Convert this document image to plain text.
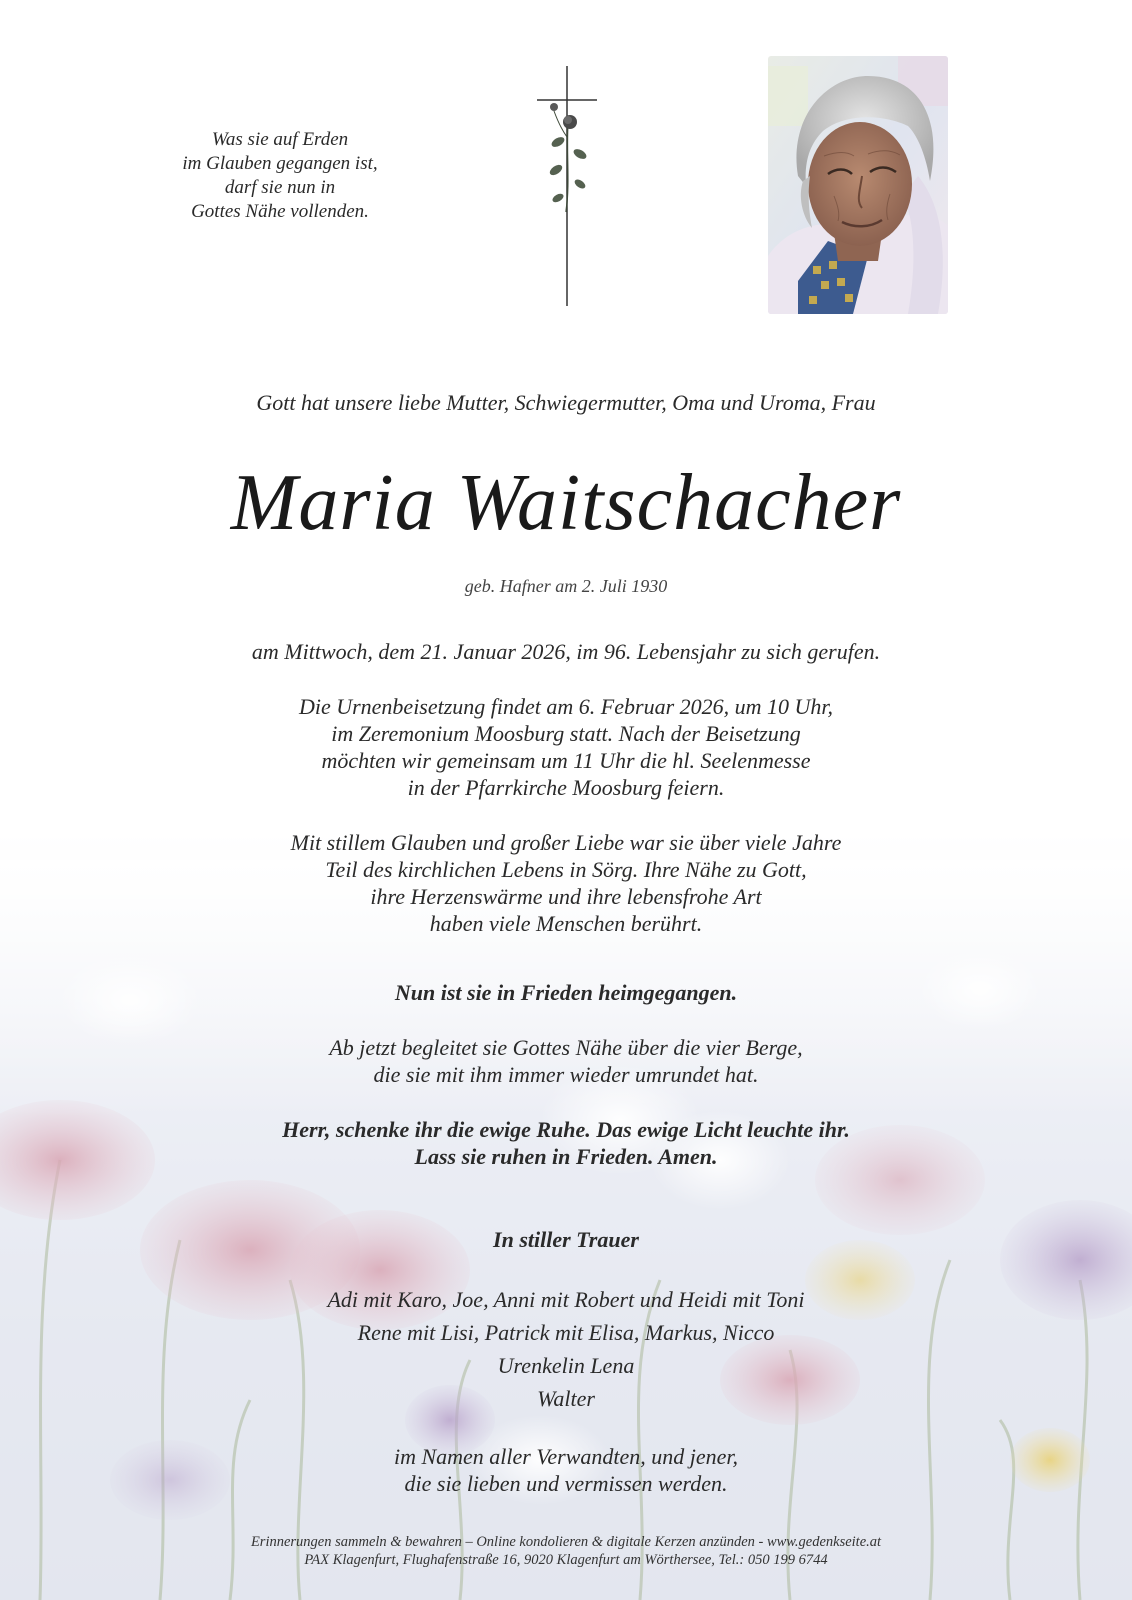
Was sie auf Erden
im Glauben gegangen ist,
darf sie nun in
Gottes Nähe vollenden.
Gott hat unsere liebe Mutter, Schwiegermutter, Oma und Uroma, Frau
Maria Waitschacher
geb. Hafner am 2. Juli 1930
am Mittwoch, dem 21. Januar 2026, im 96. Lebensjahr zu sich gerufen.
Die Urnenbeisetzung findet am 6. Februar 2026, um 10 Uhr,
im Zeremonium Moosburg statt. Nach der Beisetzung
möchten wir gemeinsam um 11 Uhr die hl. Seelenmesse
in der Pfarrkirche Moosburg feiern.
Mit stillem Glauben und großer Liebe war sie über viele Jahre
Teil des kirchlichen Lebens in Sörg. Ihre Nähe zu Gott,
ihre Herzenswärme und ihre lebensfrohe Art
haben viele Menschen berührt.
Nun ist sie in Frieden heimgegangen.
Ab jetzt begleitet sie Gottes Nähe über die vier Berge,
die sie mit ihm immer wieder umrundet hat.
Herr, schenke ihr die ewige Ruhe. Das ewige Licht leuchte ihr.
Lass sie ruhen in Frieden. Amen.
In stiller Trauer
Adi mit Karo, Joe, Anni mit Robert und Heidi mit Toni
Rene mit Lisi, Patrick mit Elisa, Markus, Nicco
Urenkelin Lena
Walter
im Namen aller Verwandten, und jener,
die sie lieben und vermissen werden.
Erinnerungen sammeln & bewahren – Online kondolieren & digitale Kerzen anzünden - www.gedenkseite.at
PAX Klagenfurt, Flughafenstraße 16, 9020 Klagenfurt am Wörthersee, Tel.: 050 199 6744
